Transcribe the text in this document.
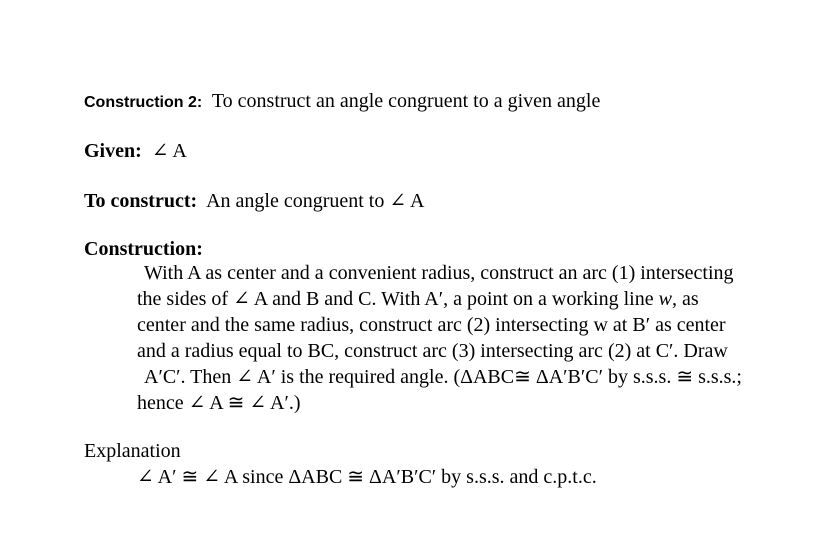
Construction 2: To construct an angle congruent to a given angle
Given: ∠ A
To construct: An angle congruent to ∠ A
Construction:
With A as center and a convenient radius, construct an arc (1) intersecting
the sides of ∠ A and B and C. With A′, a point on a working line w, as
center and the same radius, construct arc (2) intersecting w at B′ as center
and a radius equal to BC, construct arc (3) intersecting arc (2) at C′. Draw
A′C′. Then ∠ A′ is the required angle. (ΔABC≅ ΔA′B′C′ by s.s.s. ≅ s.s.s.;
hence ∠ A ≅ ∠ A′.)
Explanation
∠ A′ ≅ ∠ A since ΔABC ≅ ΔA′B′C′ by s.s.s. and c.p.t.c.
